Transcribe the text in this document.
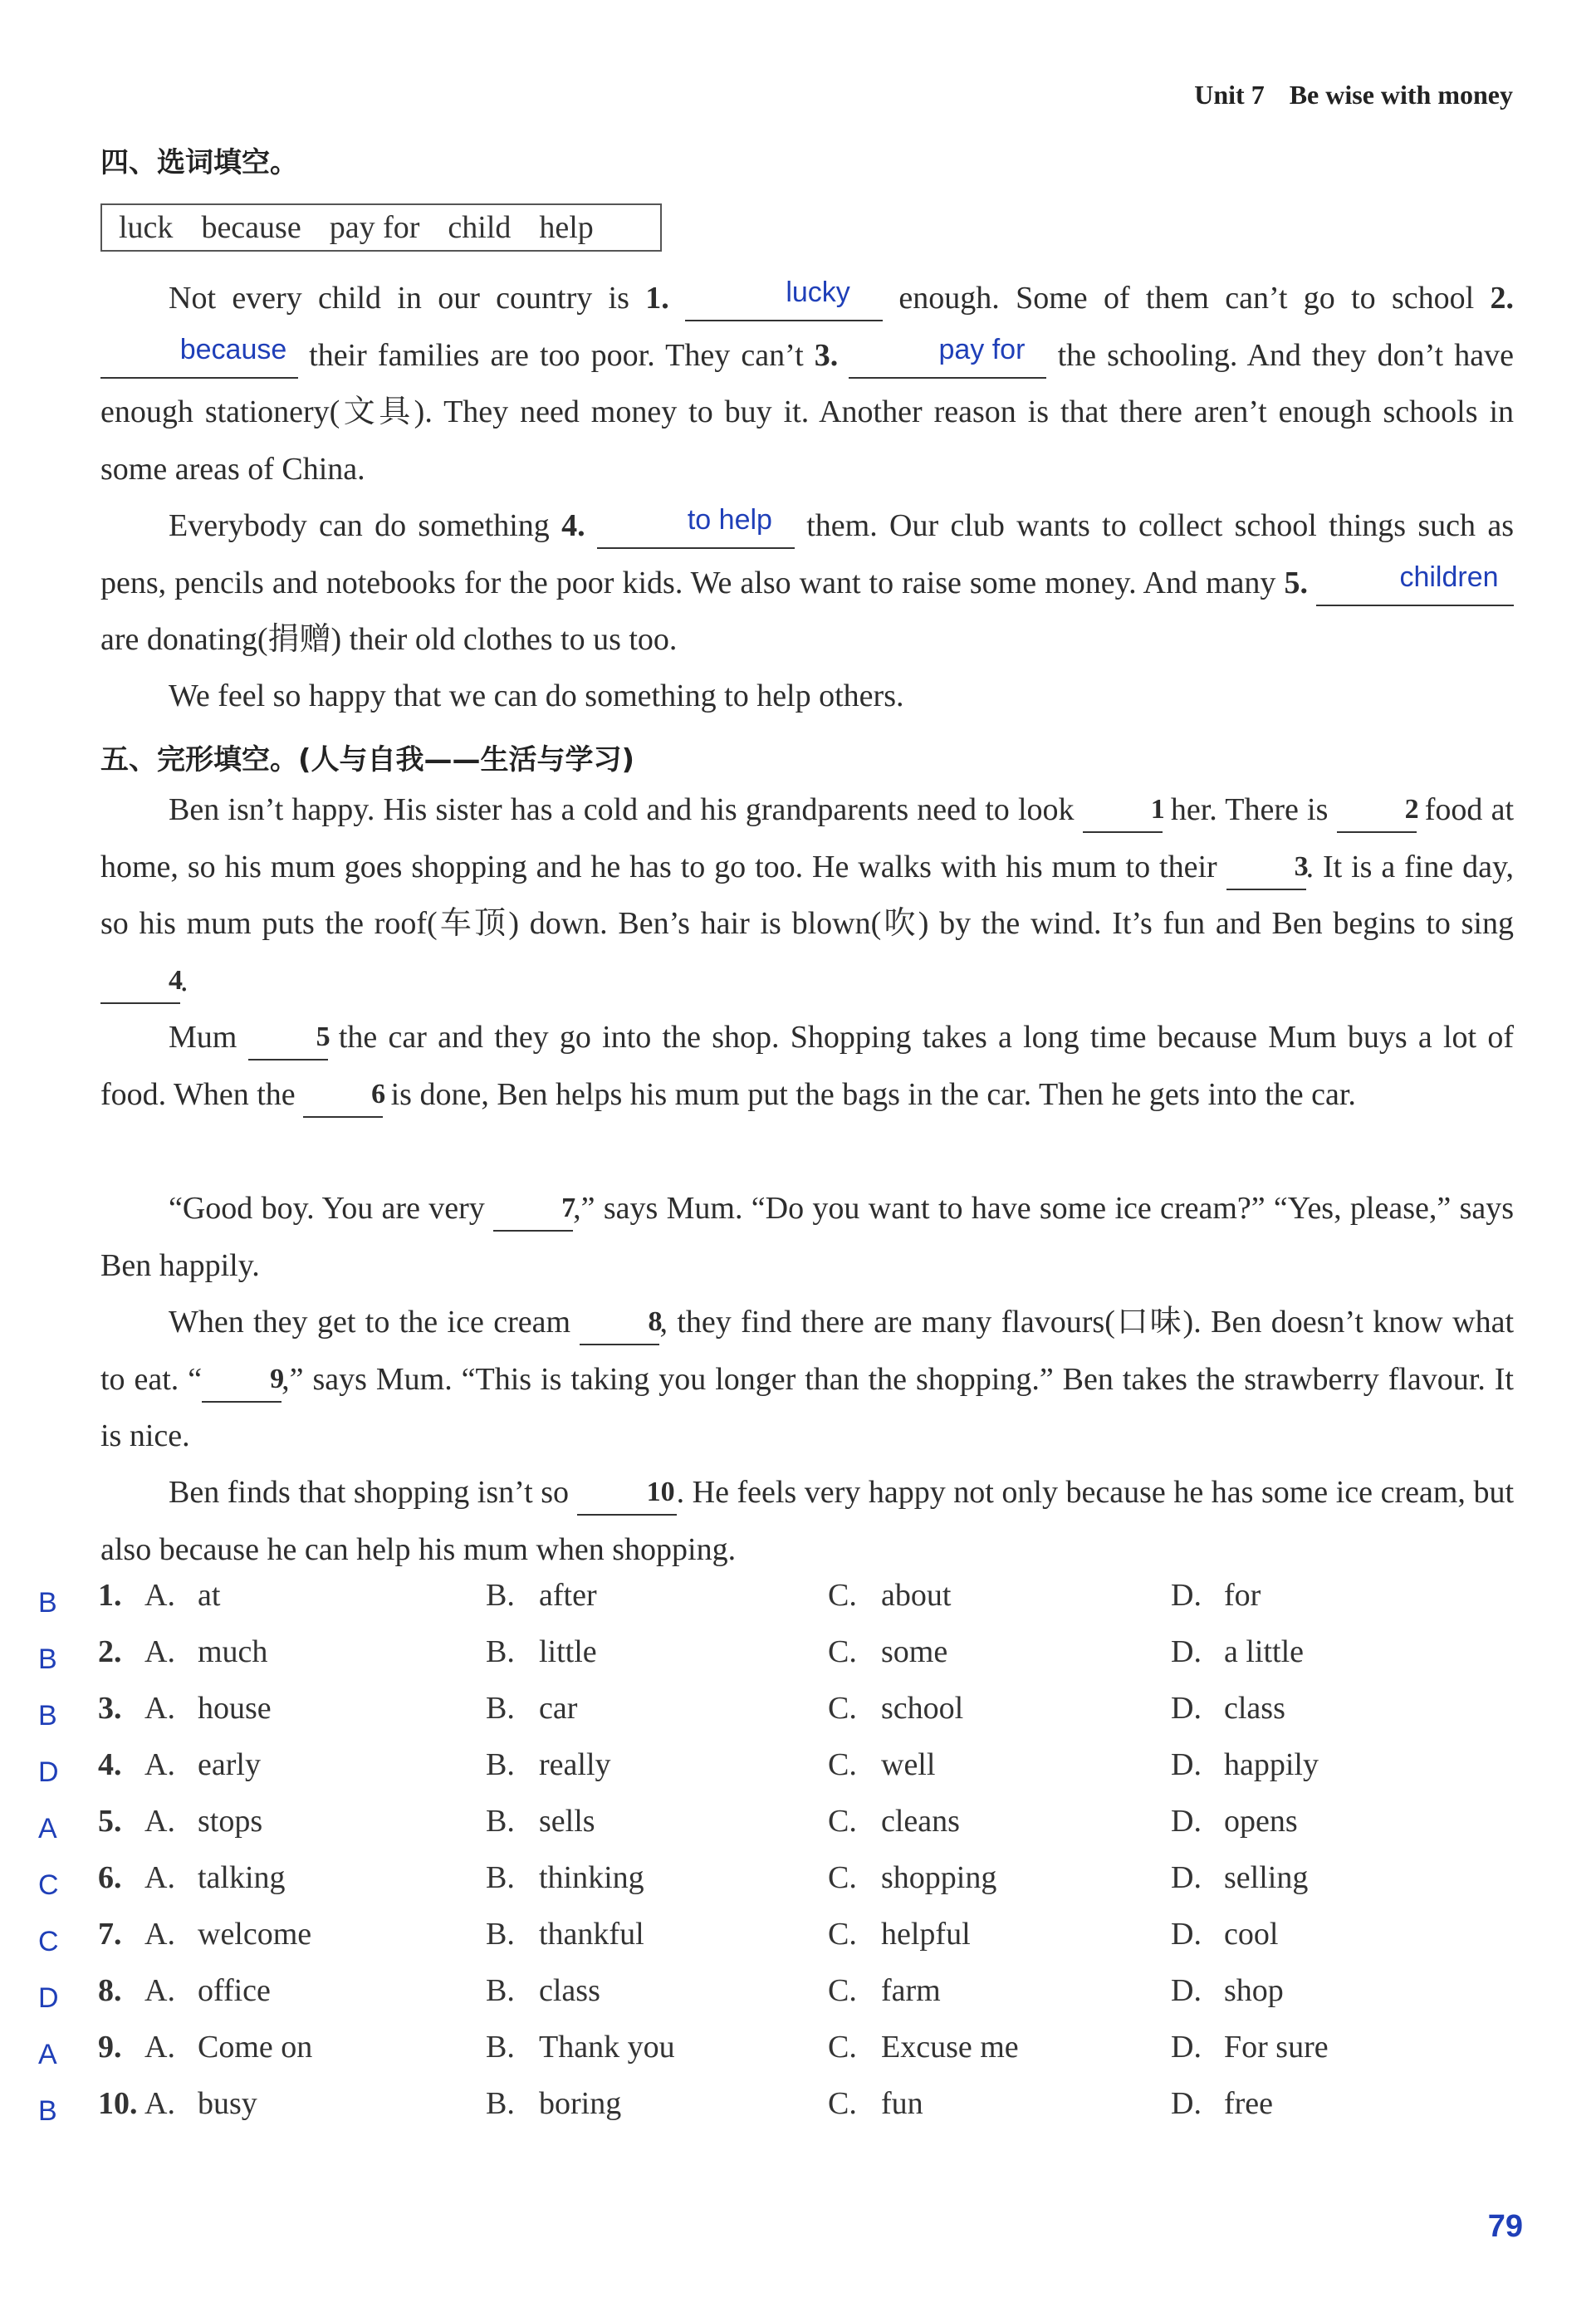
Unit 7 Be wise with money
四、选词填空。
luck because pay for child help
Not every child in our country is 1.	lucky enough. Some of them can’t go to school 2. because their families are too poor. They can’t 3.	pay for the schooling. And they don’t have enough stationery(文具). They need money to buy it. Another reason is that there aren’t enough schools in some areas of China.
Everybody can do something 4.	to help them. Our club wants to collect school things such as pens, pencils and notebooks for the poor kids. We also want to raise some money. And many 5.	children are donating(捐赠) their old clothes to us too.
We feel so happy that we can do something to help others.
五、完形填空。(人与自我——生活与学习)
Ben isn’t happy. His sister has a cold and his grandparents need to look 1 her. There is 2 food at home, so his mum goes shopping and he has to go too. He walks with his mum to their 3. It is a fine day, so his mum puts the roof(车顶) down. Ben’s hair is blown(吹) by the wind. It’s fun and Ben begins to sing 4.
Mum 5 the car and they go into the shop. Shopping takes a long time because Mum buys a lot of food. When the 6 is done, Ben helps his mum put the bags in the car. Then he gets into the car.
“Good boy. You are very 7,” says Mum. “Do you want to have some ice cream?” “Yes, please,” says Ben happily.
When they get to the ice cream 8, they find there are many flavours(口味). Ben doesn’t know what to eat. “ 9,” says Mum. “This is taking you longer than the shopping.” Ben takes the strawberry flavour. It is nice.
Ben finds that shopping isn’t so 10. He feels very happy not only because he has some ice cream, but also because he can help his mum when shopping.
B 1. A. at	B. after	C. about	D. for
B 2. A. much	B. little	C. some	D. a little
B 3. A. house	B. car	C. school	D. class
D 4. A. early	B. really	C. well	D. happily
A 5. A. stops	B. sells	C. cleans	D. opens
C 6. A. talking	B. thinking	C. shopping	D. selling
C 7. A. welcome	B. thankful	C. helpful	D. cool
D 8. A. office	B. class	C. farm	D. shop
A 9. A. Come on	B. Thank you	C. Excuse me	D. For sure
B 10. A. busy	B. boring	C. fun	D. free
79
